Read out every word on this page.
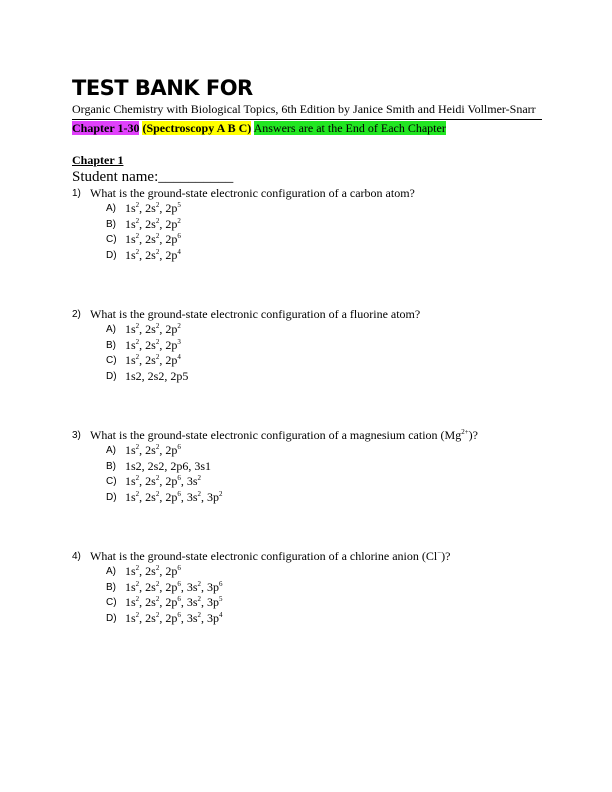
TEST BANK FOR
Organic Chemistry with Biological Topics, 6th Edition by Janice Smith and Heidi Vollmer-Snarr
Chapter 1-30 (Spectroscopy A B C) Answers are at the End of Each Chapter
Chapter 1
Student name:__________
1) What is the ground-state electronic configuration of a carbon atom?
A) $1s^2$, $2s^2$, $2p^5$
B) $1s^2$, $2s^2$, $2p^2$
C) $1s^2$, $2s^2$, $2p^6$
D) $1s^2$, $2s^2$, $2p^4$
2) What is the ground-state electronic configuration of a fluorine atom?
A) $1s^2$, $2s^2$, $2p^2$
B) $1s^2$, $2s^2$, $2p^3$
C) $1s^2$, $2s^2$, $2p^4$
D) 1s2, 2s2, 2p5
3) What is the ground-state electronic configuration of a magnesium cation $(Mg^{2+})$?
A) $1s^2$, $2s^2$, $2p^6$
B) 1s2, 2s2, 2p6, 3s1
C) $1s^2$, $2s^2$, $2p^6$, $3s^2$
D) $1s^2$, $2s^2$, $2p^6$, $3s^2$, $3p^2$
4) What is the ground-state electronic configuration of a chlorine anion (Cl−)?
A) $1s^2$, $2s^2$, $2p^6$
B) $1s^2$, $2s^2$, $2p^6$, $3s^2$, $3p^6$
C) $1s^2$, $2s^2$, $2p^6$, $3s^2$, $3p^5$
D) $1s^2$, $2s^2$, $2p^6$, $3s^2$, $3p^4$
